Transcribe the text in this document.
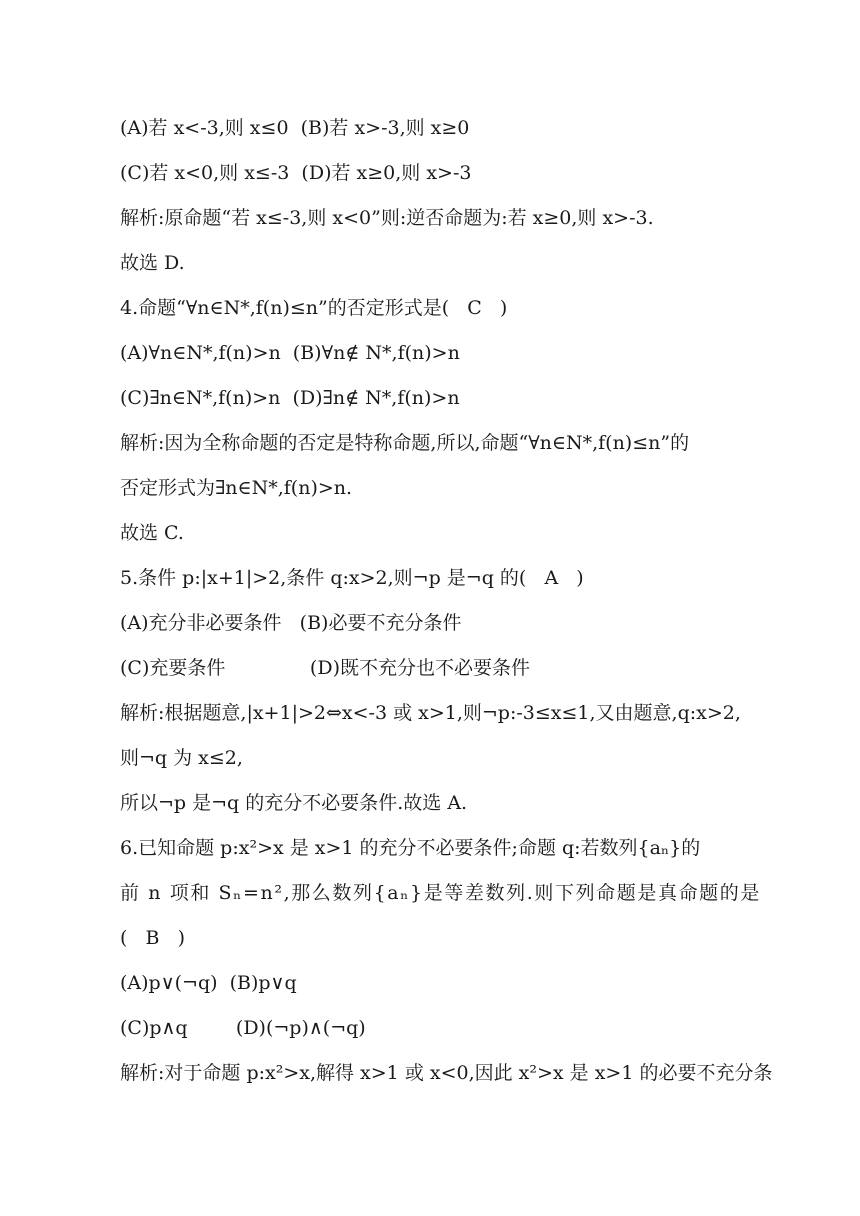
(A)若 x<-3,则 x≤0  (B)若 x>-3,则 x≥0
(C)若 x<0,则 x≤-3  (D)若 x≥0,则 x>-3
解析:原命题“若 x≤-3,则 x<0”则:逆否命题为:若 x≥0,则 x>-3.
故选 D.
4.命题“∀n∈N*,f(n)≤n”的否定形式是(   C   )
(A)∀n∈N*,f(n)>n  (B)∀n∉ N*,f(n)>n
(C)∃n∈N*,f(n)>n  (D)∃n∉ N*,f(n)>n
解析:因为全称命题的否定是特称命题,所以,命题“∀n∈N*,f(n)≤n”的
否定形式为∃n∈N*,f(n)>n.
故选 C.
5.条件 p:|x+1|>2,条件 q:x>2,则¬p 是¬q 的(   A   )
(A)充分非必要条件   (B)必要不充分条件
(C)充要条件              (D)既不充分也不必要条件
解析:根据题意,|x+1|>2⇔x<-3 或 x>1,则¬p:-3≤x≤1,又由题意,q:x>2,
则¬q 为 x≤2,
所以¬p 是¬q 的充分不必要条件.故选 A.
6.已知命题 p:x²>x 是 x>1 的充分不必要条件;命题 q:若数列{aₙ}的
前 n 项和 Sₙ=n²,那么数列{aₙ}是等差数列.则下列命题是真命题的是
(   B   )
(A)p∨(¬q)  (B)p∨q
(C)p∧q        (D)(¬p)∧(¬q)
解析:对于命题 p:x²>x,解得 x>1 或 x<0,因此 x²>x 是 x>1 的必要不充分条
